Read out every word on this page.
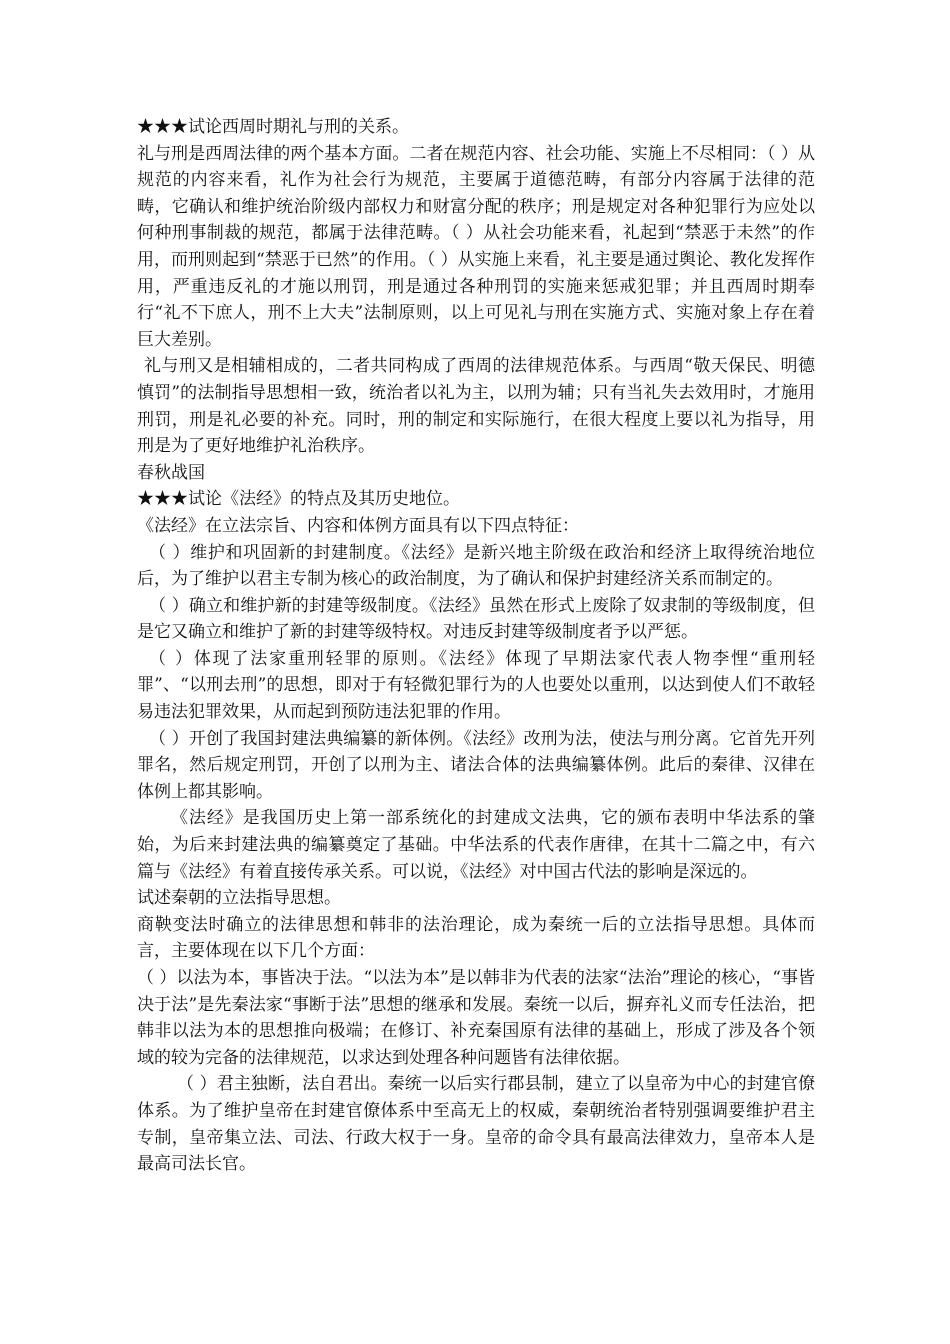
★★★试论西周时期礼与刑的关系。

礼与刑是西周法律的两个基本方面。二者在规范内容、社会功能、实施上不尽相同：（ ）从规范的内容来看，礼作为社会行为规范，主要属于道德范畴，有部分内容属于法律的范畴，它确认和维护统治阶级内部权力和财富分配的秩序；刑是规定对各种犯罪行为应处以何种刑事制裁的规范，都属于法律范畴。（ ）从社会功能来看，礼起到“禁恶于未然”的作用，而刑则起到“禁恶于已然”的作用。（ ）从实施上来看，礼主要是通过舆论、教化发挥作用，严重违反礼的才施以刑罚，刑是通过各种刑罚的实施来惩戒犯罪；并且西周时期奉行“礼不下庶人，刑不上大夫”法制原则，以上可见礼与刑在实施方式、实施对象上存在着巨大差别。

礼与刑又是相辅相成的，二者共同构成了西周的法律规范体系。与西周“敬天保民、明德慎罚”的法制指导思想相一致，统治者以礼为主，以刑为辅；只有当礼失去效用时，才施用刑罚，刑是礼必要的补充。同时，刑的制定和实际施行，在很大程度上要以礼为指导，用刑是为了更好地维护礼治秩序。

春秋战国

★★★试论《法经》的特点及其历史地位。

《法经》在立法宗旨、内容和体例方面具有以下四点特征：

（ ）维护和巩固新的封建制度。《法经》是新兴地主阶级在政治和经济上取得统治地位后，为了维护以君主专制为核心的政治制度，为了确认和保护封建经济关系而制定的。

（ ）确立和维护新的封建等级制度。《法经》虽然在形式上废除了奴隶制的等级制度，但是它又确立和维护了新的封建等级特权。对违反封建等级制度者予以严惩。

（ ）体现了法家重刑轻罪的原则。《法经》体现了早期法家代表人物李悝“重刑轻罪”、“以刑去刑”的思想，即对于有轻微犯罪行为的人也要处以重刑，以达到使人们不敢轻易违法犯罪效果，从而起到预防违法犯罪的作用。

（ ）开创了我国封建法典编纂的新体例。《法经》改刑为法，使法与刑分离。它首先开列罪名，然后规定刑罚，开创了以刑为主、诸法合体的法典编纂体例。此后的秦律、汉律在体例上都其影响。

《法经》是我国历史上第一部系统化的封建成文法典，它的颁布表明中华法系的肇始，为后来封建法典的编纂奠定了基础。中华法系的代表作唐律，在其十二篇之中，有六篇与《法经》有着直接传承关系。可以说，《法经》对中国古代法的影响是深远的。

试述秦朝的立法指导思想。

商鞅变法时确立的法律思想和韩非的法治理论，成为秦统一后的立法指导思想。具体而言，主要体现在以下几个方面：

（ ）以法为本，事皆决于法。“以法为本”是以韩非为代表的法家“法治”理论的核心，“事皆决于法”是先秦法家“事断于法”思想的继承和发展。秦统一以后，摒弃礼义而专任法治，把韩非以法为本的思想推向极端；在修订、补充秦国原有法律的基础上，形成了涉及各个领域的较为完备的法律规范，以求达到处理各种问题皆有法律依据。

（ ）君主独断，法自君出。秦统一以后实行郡县制，建立了以皇帝为中心的封建官僚体系。为了维护皇帝在封建官僚体系中至高无上的权威，秦朝统治者特别强调要维护君主专制，皇帝集立法、司法、行政大权于一身。皇帝的命令具有最高法律效力，皇帝本人是最高司法长官。
